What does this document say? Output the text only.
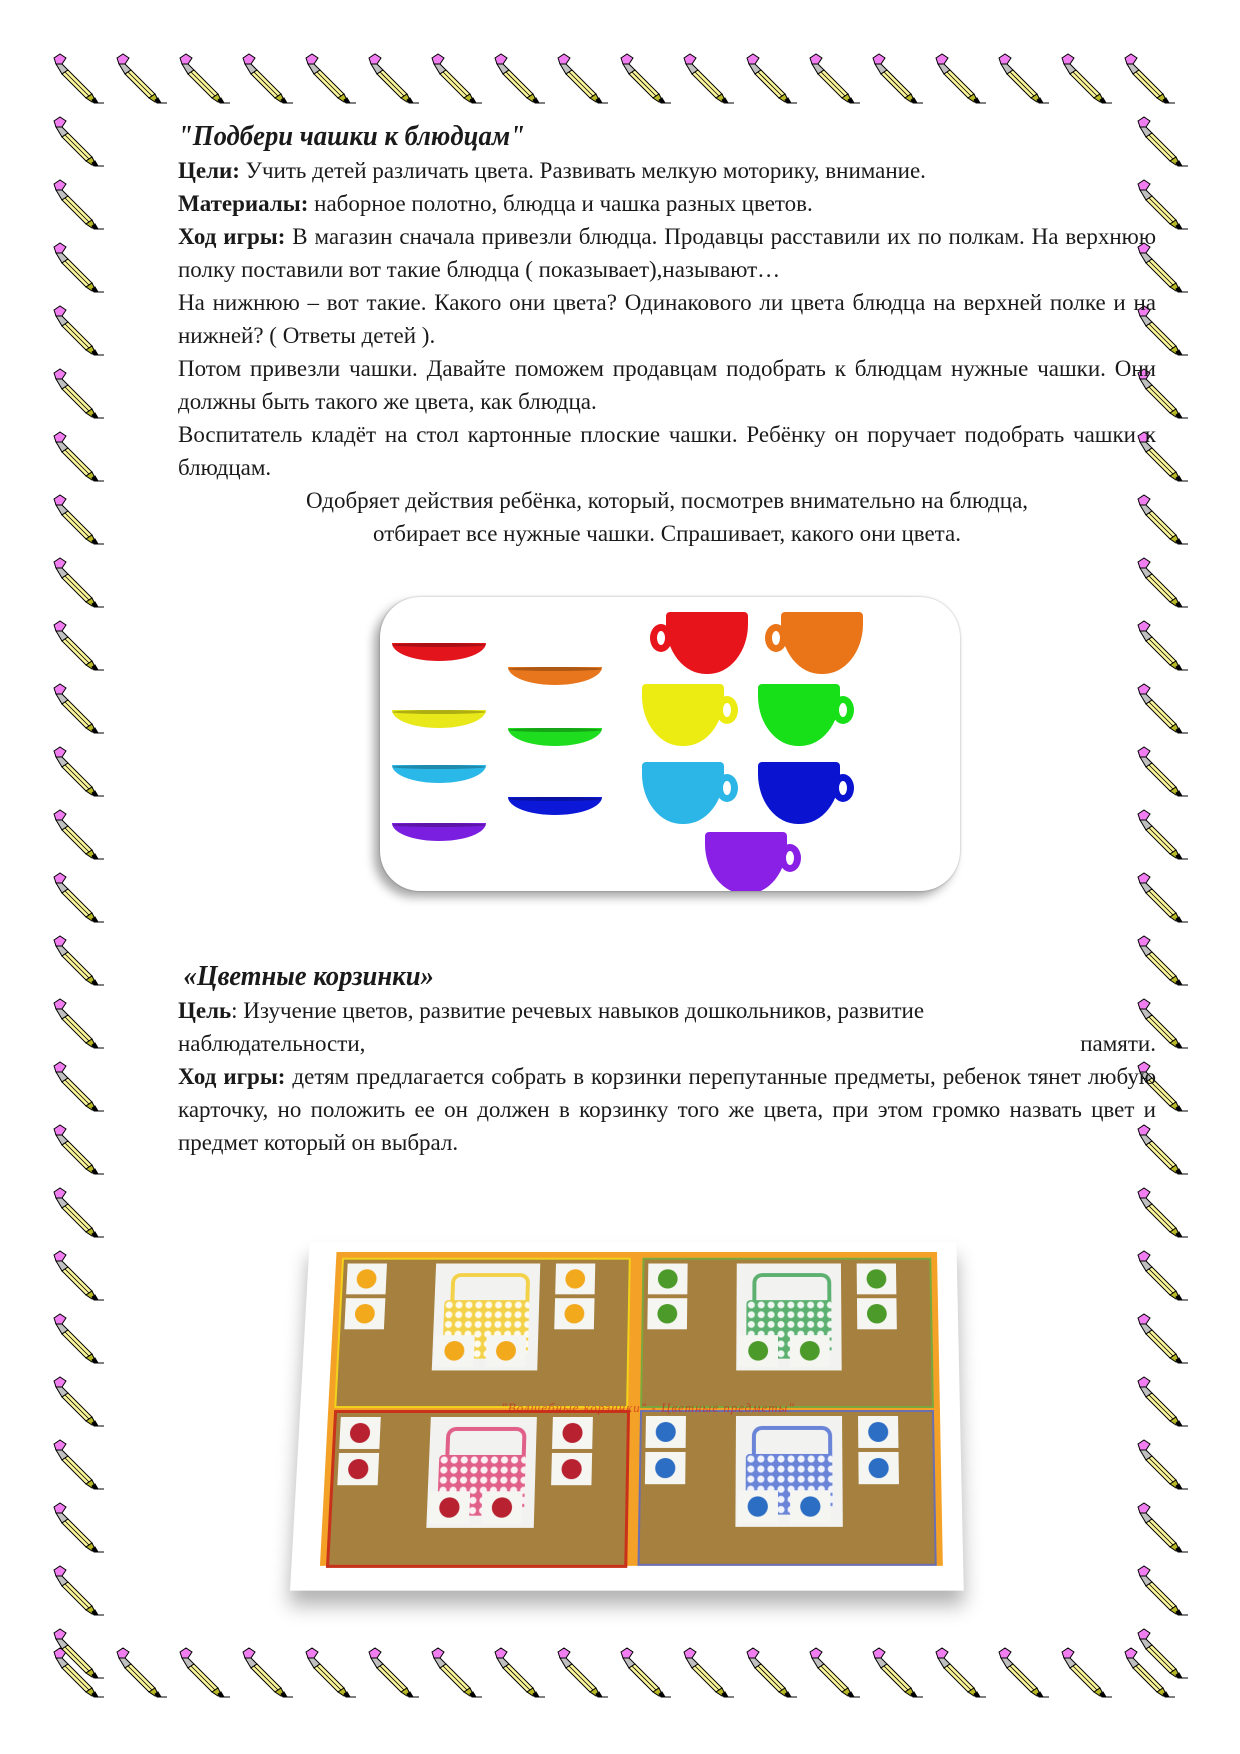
"Подбери чашки к блюдцам"

Цели: Учить детей различать цвета. Развивать мелкую моторику, внимание.

Материалы: наборное полотно, блюдца и чашка разных цветов.

Ход игры: В магазин сначала привезли блюдца. Продавцы расставили их по полкам. На верхнюю полку поставили вот такие блюдца ( показывает),называют…

На нижнюю – вот такие. Какого они цвета? Одинакового ли цвета блюдца на верхней полке и на нижней? ( Ответы детей ).

Потом привезли чашки. Давайте поможем продавцам подобрать к блюдцам нужные чашки. Они должны быть такого же цвета, как блюдца.

Воспитатель кладёт на стол картонные плоские чашки. Ребёнку он поручает подобрать чашки к блюдцам.

Одобряет действия ребёнка, который, посмотрев внимательно на блюдца,

отбирает все нужные чашки. Спрашивает, какого они цвета.

«Цветные корзинки»

Цель: Изучение цветов, развитие речевых навыков дошкольников, развитие

наблюдательности,	памяти.

Ход игры: детям предлагается собрать в корзинки перепутанные предметы, ребенок тянет любую карточку, но положить ее он должен в корзинку того же цвета, при этом громко назвать цвет и предмет который он выбрал.

"Волшебные корзинки" - Цветные предметы"
